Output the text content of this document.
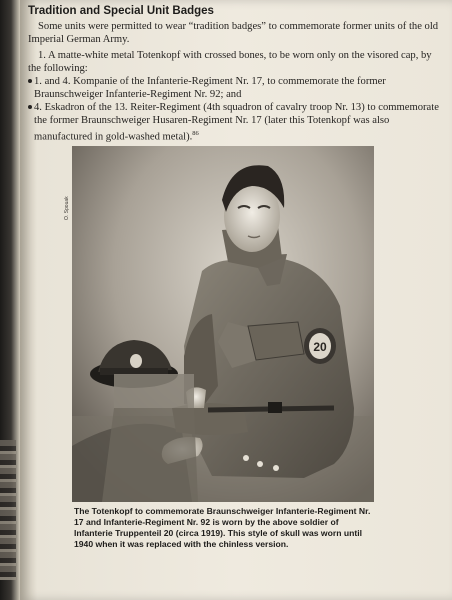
Tradition and Special Unit Badges

Some units were permitted to wear “tradition badges” to commemorate former units of the old Imperial German Army.

1. A matte-white metal Totenkopf with crossed bones, to be worn only on the visored cap, by the following:

1. and 4. Kompanie of the Infanterie-Regiment Nr. 17, to commemorate the former Braunschweiger Infanterie-Regiment Nr. 92; and
4. Eskadron of the 13. Reiter-Regiment (4th squadron of cavalry troop Nr. 13) to commemorate the former Braunschweiger Husaren-Regiment Nr. 17 (later this Totenkopf was also manufactured in gold-washed metal).$^{86}$
O. Spouak
20

The Totenkopf to commemorate Braunschweiger Infanterie-Regiment Nr. 17 and Infanterie-Regiment Nr. 92 is worn by the above soldier of Infanterie Truppenteil 20 (circa 1919). This style of skull was worn until 1940 when it was replaced with the chinless version.
